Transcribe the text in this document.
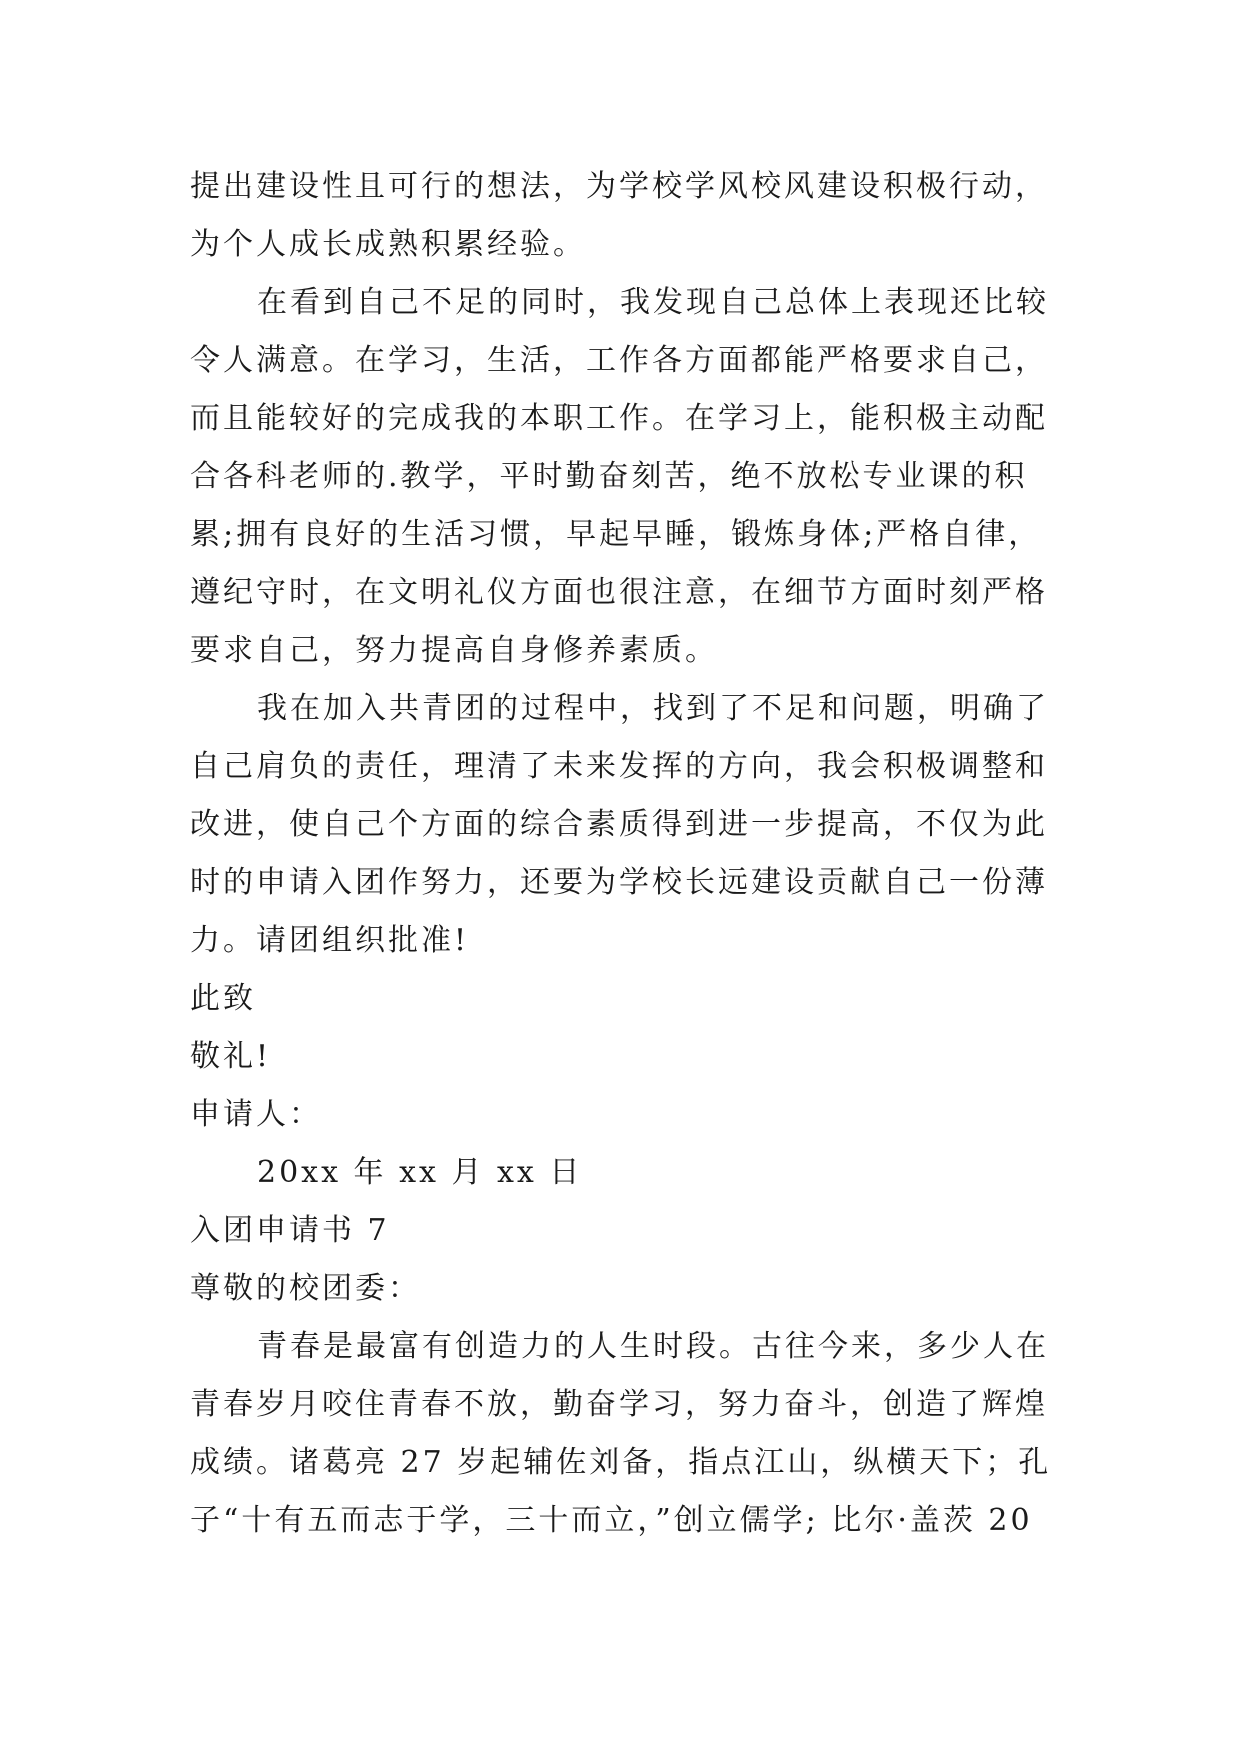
提出建设性且可行的想法，为学校学风校风建设积极行动，
为个人成长成熟积累经验。
在看到自己不足的同时，我发现自己总体上表现还比较
令人满意。在学习，生活，工作各方面都能严格要求自己，
而且能较好的完成我的本职工作。在学习上，能积极主动配
合各科老师的.教学，平时勤奋刻苦，绝不放松专业课的积
累;拥有良好的生活习惯，早起早睡，锻炼身体;严格自律，
遵纪守时，在文明礼仪方面也很注意，在细节方面时刻严格
要求自己，努力提高自身修养素质。
我在加入共青团的过程中，找到了不足和问题，明确了
自己肩负的责任，理清了未来发挥的方向，我会积极调整和
改进，使自己个方面的综合素质得到进一步提高，不仅为此
时的申请入团作努力，还要为学校长远建设贡献自己一份薄
力。请团组织批准!
此致
敬礼!
申请人：
20xx 年 xx 月 xx 日
入团申请书 7
尊敬的校团委：
青春是最富有创造力的人生时段。古往今来，多少人在
青春岁月咬住青春不放，勤奋学习，努力奋斗，创造了辉煌
成绩。诸葛亮 27 岁起辅佐刘备，指点江山，纵横天下；孔
子“十有五而志于学，三十而立，”创立儒学; 比尔·盖茨 20
